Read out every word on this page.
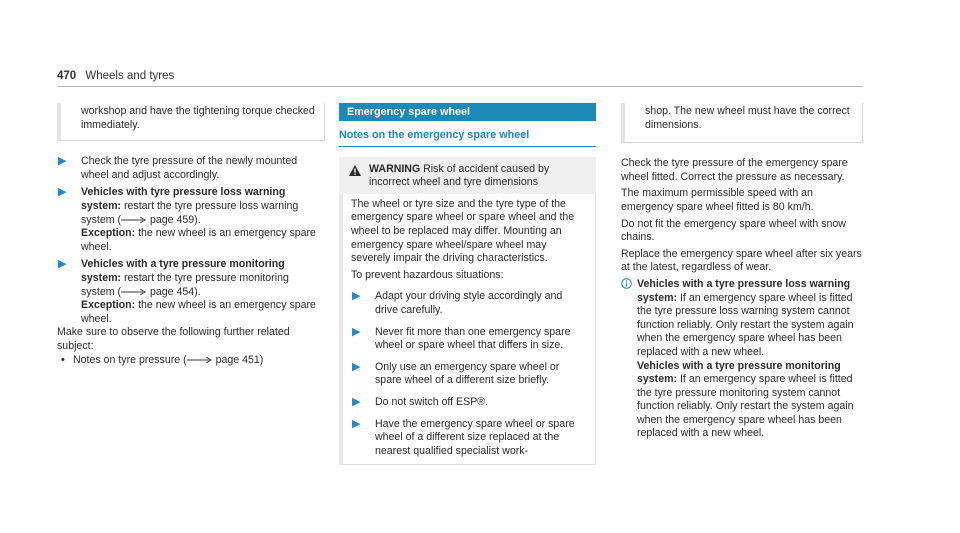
470 Wheels and tyres

workshop and have the tightening torque checked immediately.

▶ Check the tyre pressure of the newly mounted wheel and adjust accordingly.
▶ Vehicles with tyre pressure loss warning system: restart the tyre pressure loss warning system (	page 459).
Exception: the new wheel is an emergency spare wheel.
▶ Vehicles with a tyre pressure monitoring system: restart the tyre pressure monitoring system (	page 454).
Exception: the new wheel is an emergency spare wheel.

Make sure to observe the following further related subject:

• Notes on tyre pressure (	page 451)
Emergency spare wheel
Notes on the emergency spare wheel
WARNING Risk of accident caused by incorrect wheel and tyre dimensions

The wheel or tyre size and the tyre type of the emergency spare wheel or spare wheel and the wheel to be replaced may differ. Mounting an emergency spare wheel/spare wheel may severely impair the driving characteristics.

To prevent hazardous situations:

▶ Adapt your driving style accordingly and drive carefully.
▶ Never fit more than one emergency spare wheel or spare wheel that differs in size.
▶ Only use an emergency spare wheel or spare wheel of a different size briefly.
▶ Do not switch off ESP®.
▶ Have the emergency spare wheel or spare wheel of a different size replaced at the nearest qualified specialist work-

shop. The new wheel must have the correct dimensions.

Check the tyre pressure of the emergency spare wheel fitted. Correct the pressure as necessary.

The maximum permissible speed with an emergency spare wheel fitted is 80 km/h.

Do not fit the emergency spare wheel with snow chains.

Replace the emergency spare wheel after six years at the latest, regardless of wear.

Vehicles with a tyre pressure loss warning system: If an emergency spare wheel is fitted the tyre pressure loss warning system cannot function reliably. Only restart the system again when the emergency spare wheel has been replaced with a new wheel.
Vehicles with a tyre pressure monitoring system: If an emergency spare wheel is fitted the tyre pressure monitoring system cannot function reliably. Only restart the system again when the emergency spare wheel has been replaced with a new wheel.
